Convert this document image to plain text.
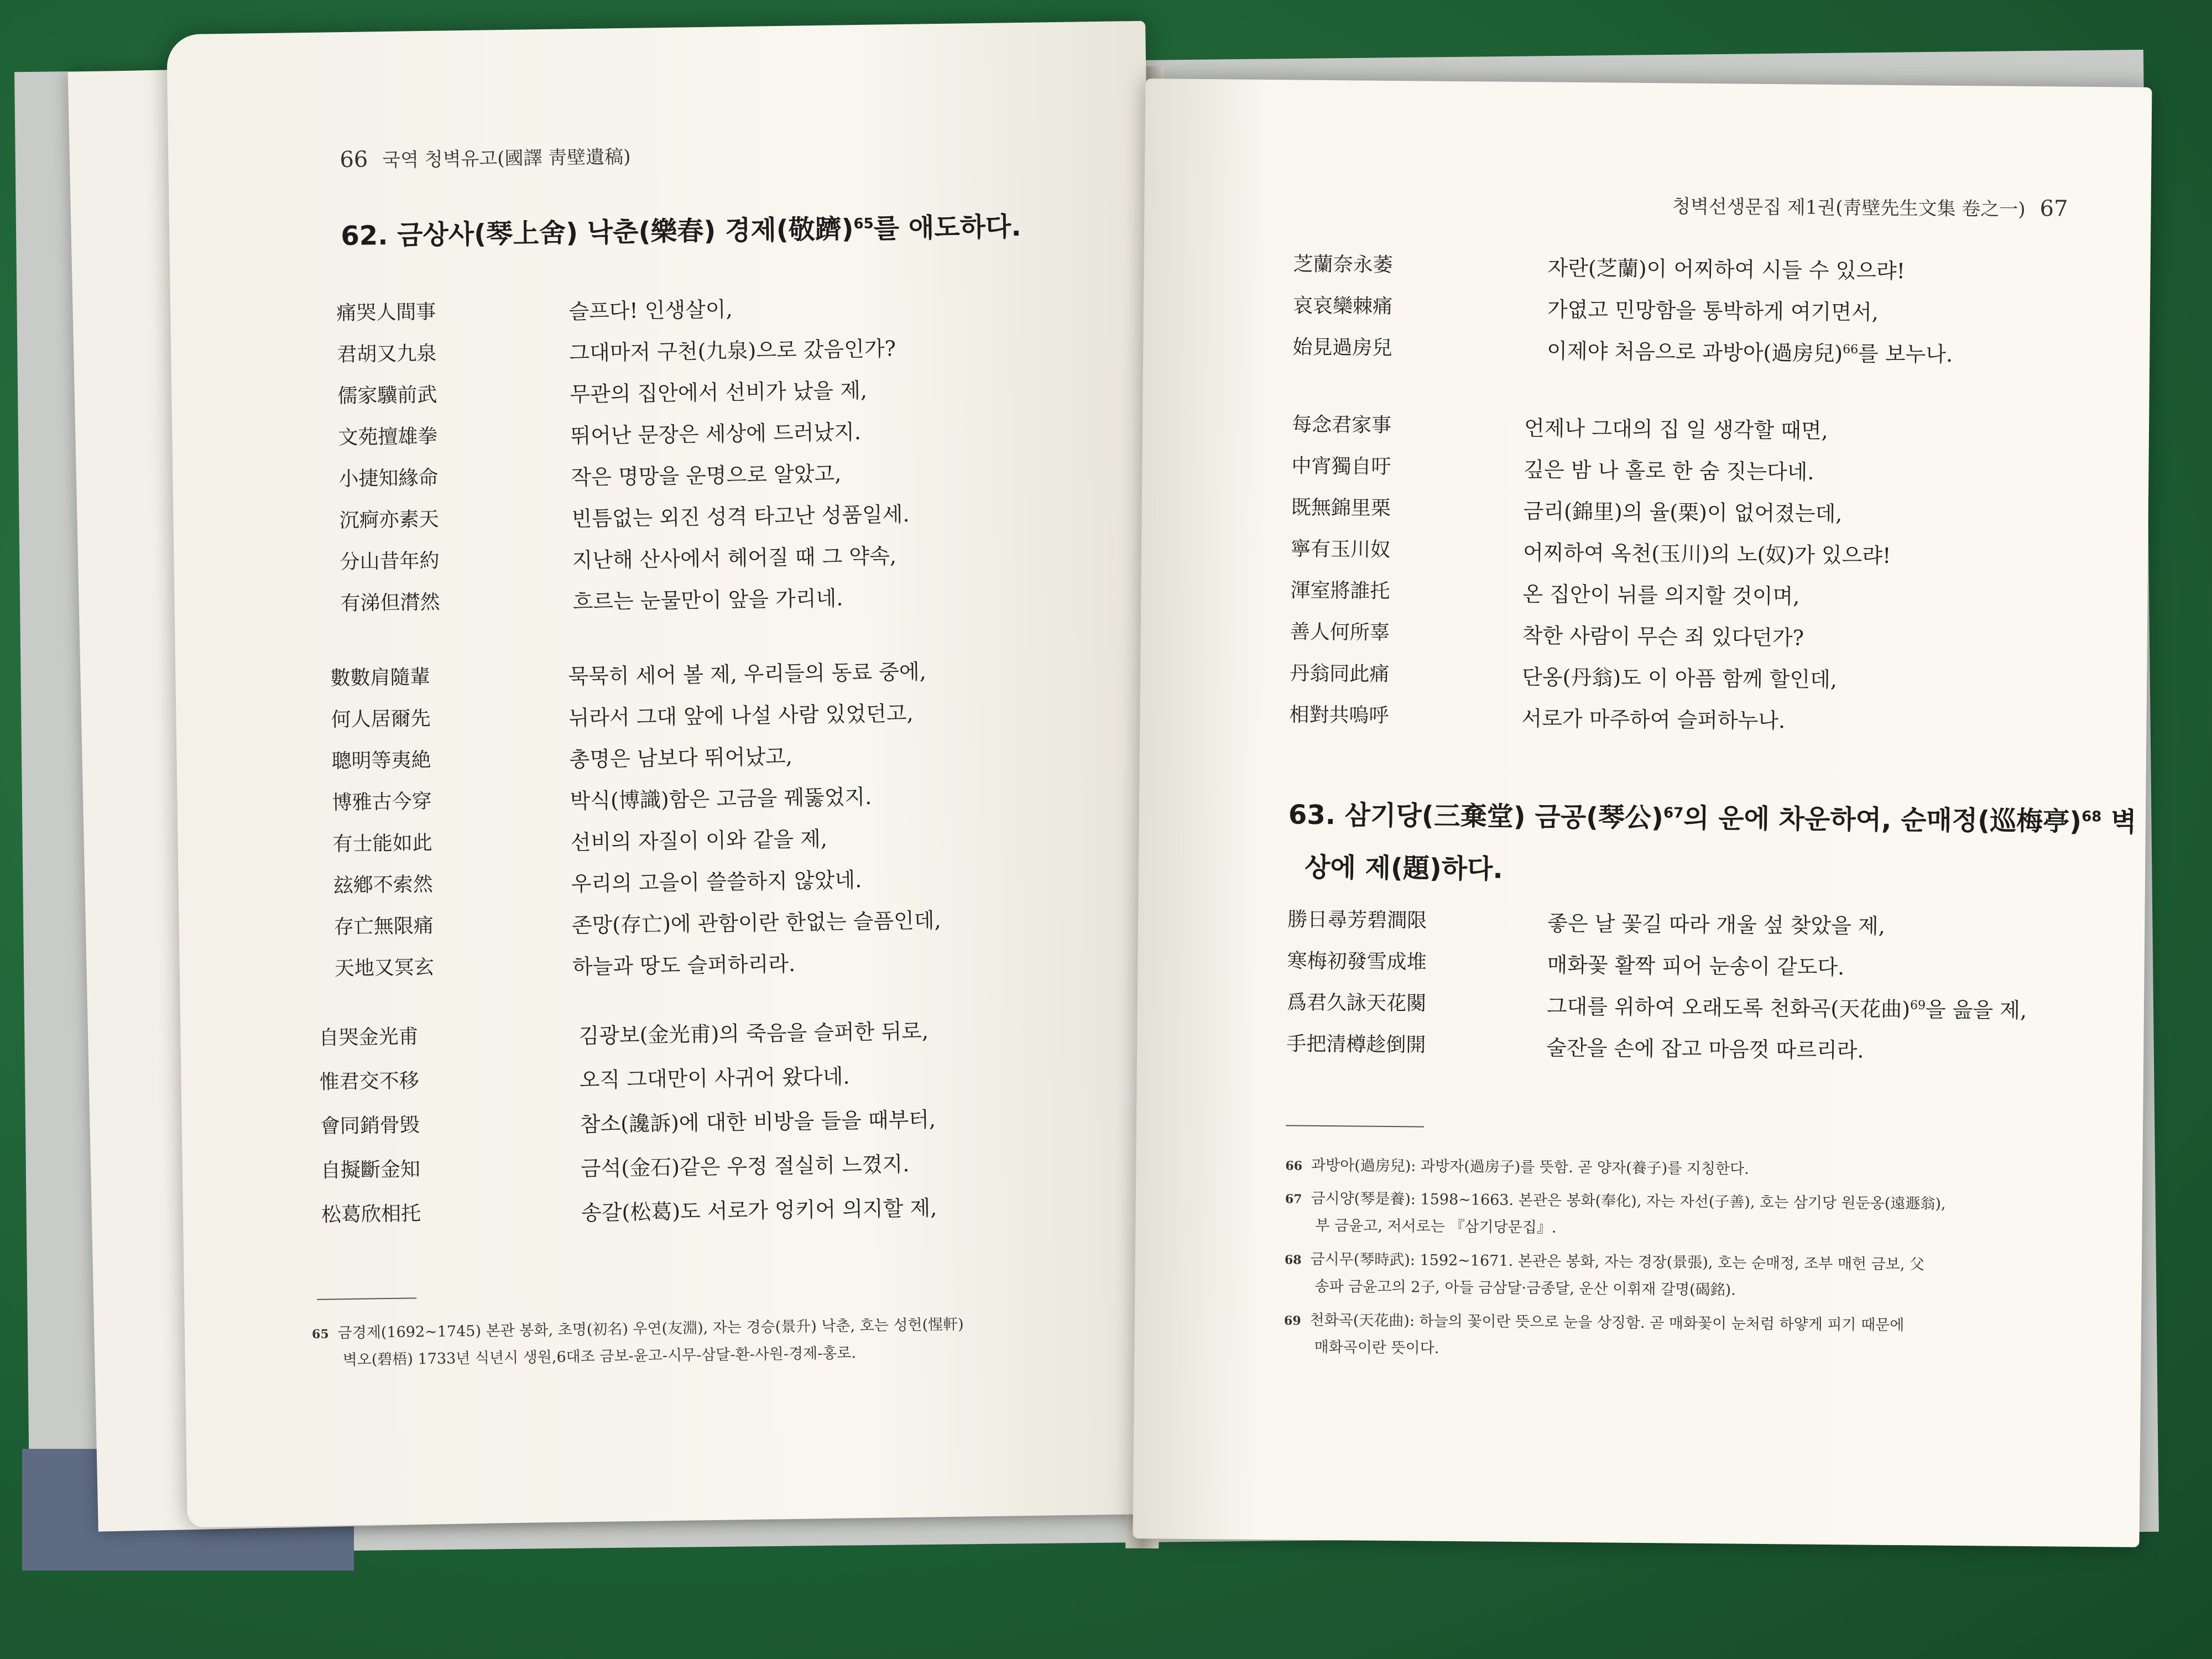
66 국역 청벽유고(國譯 靑壁遺稿)
62. 금상사(琴上舍) 낙춘(樂春) 경제(敬躋)$^{65}$를 애도하다.
痛哭人間事	슬프다! 인생살이,
君胡又九泉	그대마저 구천(九泉)으로 갔음인가?
儒家驥前武	무관의 집안에서 선비가 났을 제,
文苑擅雄拳	뛰어난 문장은 세상에 드러났지.
小捷知緣命	작은 명망을 운명으로 알았고,
沉痾亦素天	빈틈없는 외진 성격 타고난 성품일세.
分山昔年約	지난해 산사에서 헤어질 때 그 약속,
有涕但潸然	흐르는 눈물만이 앞을 가리네.
數數肩隨輩	묵묵히 세어 볼 제, 우리들의 동료 중에,
何人居爾先	뉘라서 그대 앞에 나설 사람 있었던고,
聰明等夷絶	총명은 남보다 뛰어났고,
博雅古今穿	박식(博識)함은 고금을 꿰뚫었지.
有士能如此	선비의 자질이 이와 같을 제,
玆鄕不索然	우리의 고을이 쓸쓸하지 않았네.
存亡無限痛	존망(存亡)에 관함이란 한없는 슬픔인데,
天地又冥玄	하늘과 땅도 슬퍼하리라.
自哭金光甫	김광보(金光甫)의 죽음을 슬퍼한 뒤로,
惟君交不移	오직 그대만이 사귀어 왔다네.
會同銷骨毁	참소(讒訴)에 대한 비방을 들을 때부터,
自擬斷金知	금석(金石)같은 우정 절실히 느꼈지.
松葛欣相托	송갈(松葛)도 서로가 엉키어 의지할 제,
65 금경제(1692~1745) 본관 봉화, 초명(初名) 우연(友淵), 자는 경승(景升) 낙춘, 호는 성헌(惺軒)
벽오(碧梧) 1733년 식년시 생원,6대조 금보-윤고-시무-삼달-환-사원-경제-홍로.
청벽선생문집 제1권(靑壁先生文集 卷之一) 67
芝蘭奈永萎	자란(芝蘭)이 어찌하여 시들 수 있으랴!
哀哀欒棘痛	가엾고 민망함을 통박하게 여기면서,
始見過房兒	이제야 처음으로 과방아(過房兒)$^{66}$를 보누나.
每念君家事	언제나 그대의 집 일 생각할 때면,
中宵獨自吁	깊은 밤 나 홀로 한 숨 짓는다네.
既無錦里栗	금리(錦里)의 율(栗)이 없어졌는데,
寧有玉川奴	어찌하여 옥천(玉川)의 노(奴)가 있으랴!
渾室將誰托	온 집안이 뉘를 의지할 것이며,
善人何所辜	착한 사람이 무슨 죄 있다던가?
丹翁同此痛	단옹(丹翁)도 이 아픔 함께 할인데,
相對共嗚呼	서로가 마주하여 슬퍼하누나.
63. 삼기당(三棄堂) 금공(琴公)$^{67}$의 운에 차운하여, 순매정(巡梅亭)$^{68}$ 벽
상에 제(題)하다.
勝日尋芳碧澗限	좋은 날 꽃길 따라 개울 섶 찾았을 제,
寒梅初發雪成堆	매화꽃 활짝 피어 눈송이 같도다.
爲君久詠天花闋	그대를 위하여 오래도록 천화곡(天花曲)$^{69}$을 읊을 제,
手把清樽趁倒開	술잔을 손에 잡고 마음껏 따르리라.
66 과방아(過房兒): 과방자(過房子)를 뜻함. 곧 양자(養子)를 지칭한다.
67 금시양(琴是養): 1598~1663. 본관은 봉화(奉化), 자는 자선(子善), 호는 삼기당 원둔옹(遠遯翁),
부 금윤고, 저서로는 『삼기당문집』.
68 금시무(琴時武): 1592~1671. 본관은 봉화, 자는 경장(景張), 호는 순매정, 조부 매헌 금보, 父
송파 금윤고의 2子, 아들 금삼달·금종달, 운산 이휘재 갈명(碣銘).
69 천화곡(天花曲): 하늘의 꽃이란 뜻으로 눈을 상징함. 곧 매화꽃이 눈처럼 하얗게 피기 때문에
매화곡이란 뜻이다.
